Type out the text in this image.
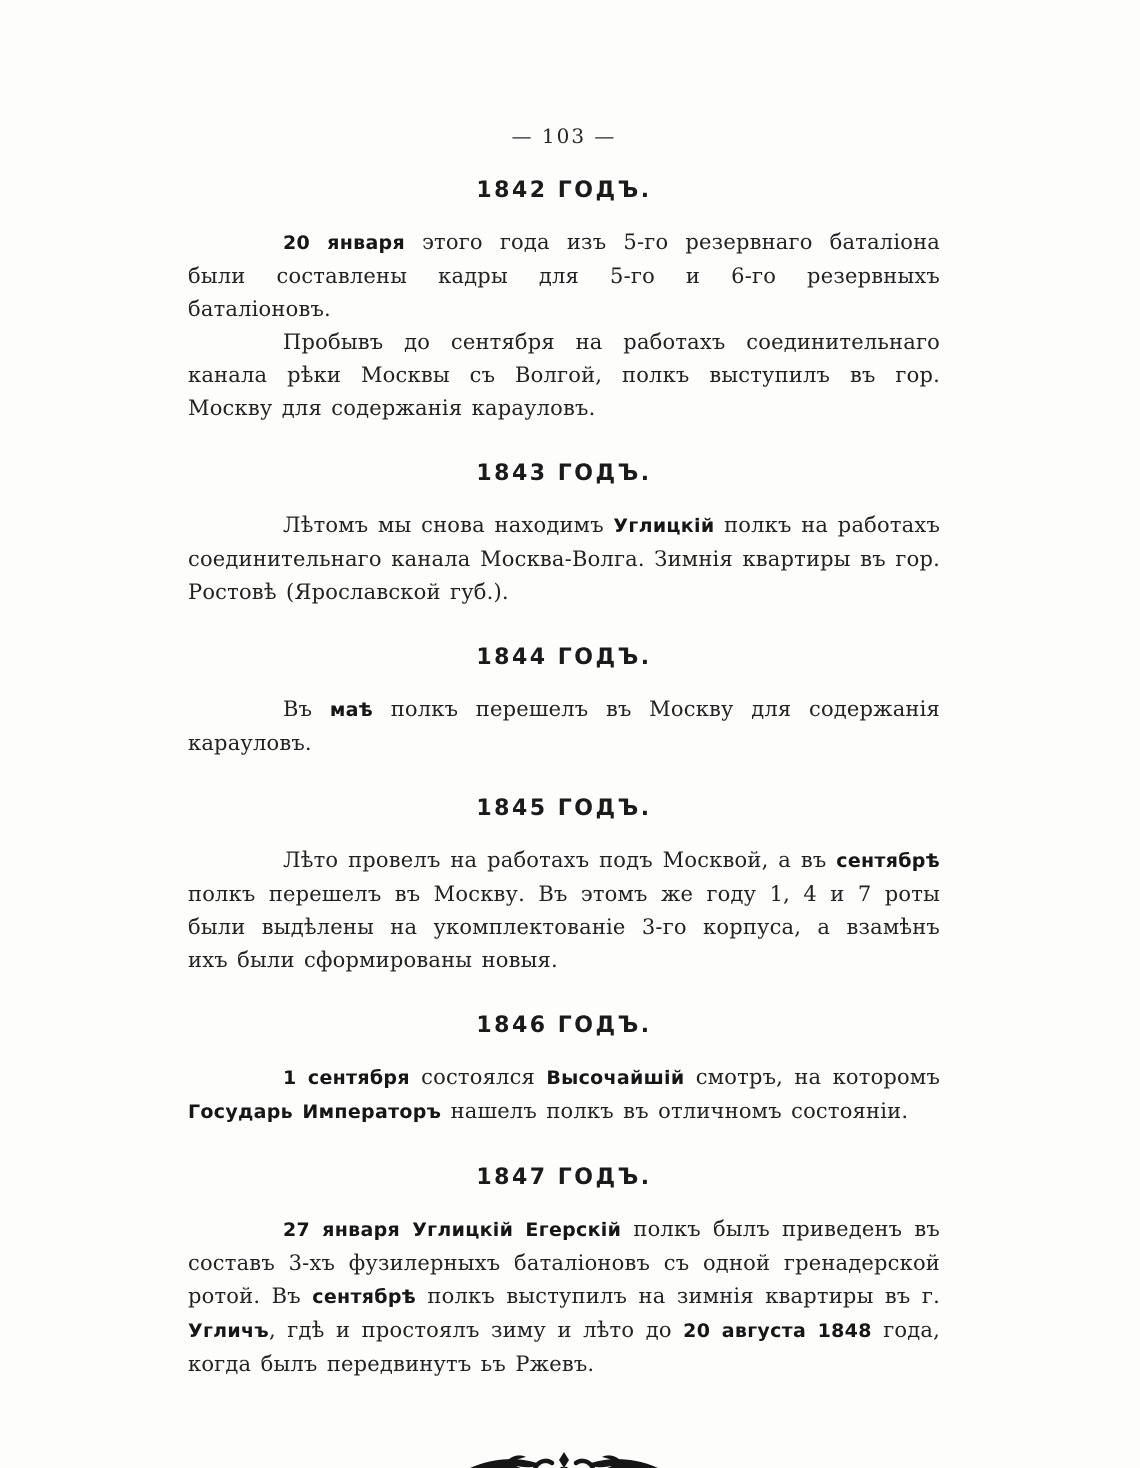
— 103 —
1842 ГОДЪ.

20 января этого года изъ 5-го резервнаго баталіона были составлены кадры для 5-го и 6-го резервныхъ баталіоновъ.

Пробывъ до сентября на работахъ соединительнаго канала рѣки Москвы съ Волгой, полкъ выступилъ въ гор. Москву для содержанія карауловъ.

1843 ГОДЪ.

Лѣтомъ мы снова находимъ Углицкій полкъ на работахъ соединительнаго канала Москва-Волга. Зимнія квартиры въ гор. Ростовѣ (Ярославской губ.).

1844 ГОДЪ.

Въ маѣ полкъ перешелъ въ Москву для содержанія карауловъ.

1845 ГОДЪ.

Лѣто провелъ на работахъ подъ Москвой, а въ сентябрѣ полкъ перешелъ въ Москву. Въ этомъ же году 1, 4 и 7 роты были выдѣлены на укомплектованіе 3-го корпуса, а взамѣнъ ихъ были сформированы новыя.

1846 ГОДЪ.

1 сентября состоялся Высочайшій смотръ, на которомъ Государь Императоръ нашелъ полкъ въ отличномъ состояніи.

1847 ГОДЪ.

27 января Углицкій Егерскій полкъ былъ приведенъ въ составъ 3-хъ фузилерныхъ баталіоновъ съ одной гренадерской ротой. Въ сентябрѣ полкъ выступилъ на зимнія квартиры въ г. Угличъ, гдѣ и простоялъ зиму и лѣто до 20 августа 1848 года, когда былъ передвинутъ ьъ Ржевъ.
